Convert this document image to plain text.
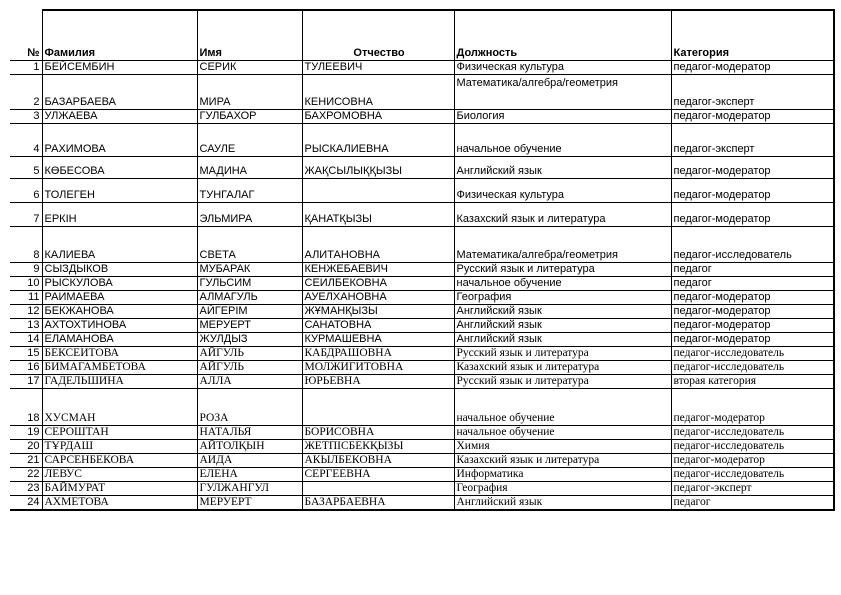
№	Фамилия	Имя	Отчество	Должность	Категория
1	БЕЙСЕМБИН	СЕРИК	ТУЛЕЕВИЧ	Физическая культура	педагог-модератор
2	БАЗАРБАЕВА	МИРА	КЕНИСОВНА	Математика/алгебра/геометрия	педагог-эксперт
3	УЛЖАЕВА	ГУЛБАХОР	БАХРОМОВНА	Биология	педагог-модератор
4	РАХИМОВА	САУЛЕ	РЫСКАЛИЕВНА	начальное обучение	педагог-эксперт
5	КӨБЕСОВА	МАДИНА	ЖАҚСЫЛЫҚҚЫЗЫ	Английский язык	педагог-модератор
6	ТОЛЕГЕН	ТУНГАЛАГ		Физическая культура	педагог-модератор
7	ЕРКІН	ЭЛЬМИРА	ҚАНАТҚЫЗЫ	Казахский язык и литература	педагог-модератор
8	КАЛИЕВА	СВЕТА	АЛИТАНОВНА	Математика/алгебра/геометрия	педагог-исследователь
9	СЫЗДЫКОВ	МУБАРАК	КЕНЖЕБАЕВИЧ	Русский язык и литература	педагог
10	РЫСКУЛОВА	ГУЛЬСИМ	СЕИЛБЕКОВНА	начальное обучение	педагог
11	РАИМАЕВА	АЛМАГУЛЬ	АУЕЛХАНОВНА	География	педагог-модератор
12	БЕКЖАНОВА	АЙГЕРІМ	ЖҰМАНҚЫЗЫ	Английский язык	педагог-модератор
13	АХТОХТИНОВА	МЕРУЕРТ	САНАТОВНА	Английский язык	педагог-модератор
14	ЕЛАМАНОВА	ЖУЛДЫЗ	КУРМАШЕВНА	Английский язык	педагог-модератор
15	БЕКСЕИТОВА	АЙГУЛЬ	КАБДРАШОВНА	Русский язык и литература	педагог-исследователь
16	БИМАГАМБЕТОВА	АЙГУЛЬ	МОЛЖИГИТОВНА	Казахский язык и литература	педагог-исследователь
17	ГАДЕЛЬШИНА	АЛЛА	ЮРЬЕВНА	Русский язык и литература	вторая категория
18	ХУСМАН	РОЗА		начальное обучение	педагог-модератор
19	СЕРОШТАН	НАТАЛЬЯ	БОРИСОВНА	начальное обучение	педагог-исследователь
20	ТҰРДАШ	АЙТОЛҚЫН	ЖЕТПІСБЕКҚЫЗЫ	Химия	педагог-исследователь
21	САРСЕНБЕКОВА	АИДА	АКЫЛБЕКОВНА	Казахский язык и литература	педагог-модератор
22	ЛЕВУС	ЕЛЕНА	СЕРГЕЕВНА	Информатика	педагог-исследователь
23	БАЙМУРАТ	ГУЛЖАНГУЛ		География	педагог-эксперт
24	АХМЕТОВА	МЕРУЕРТ	БАЗАРБАЕВНА	Английский язык	педагог
